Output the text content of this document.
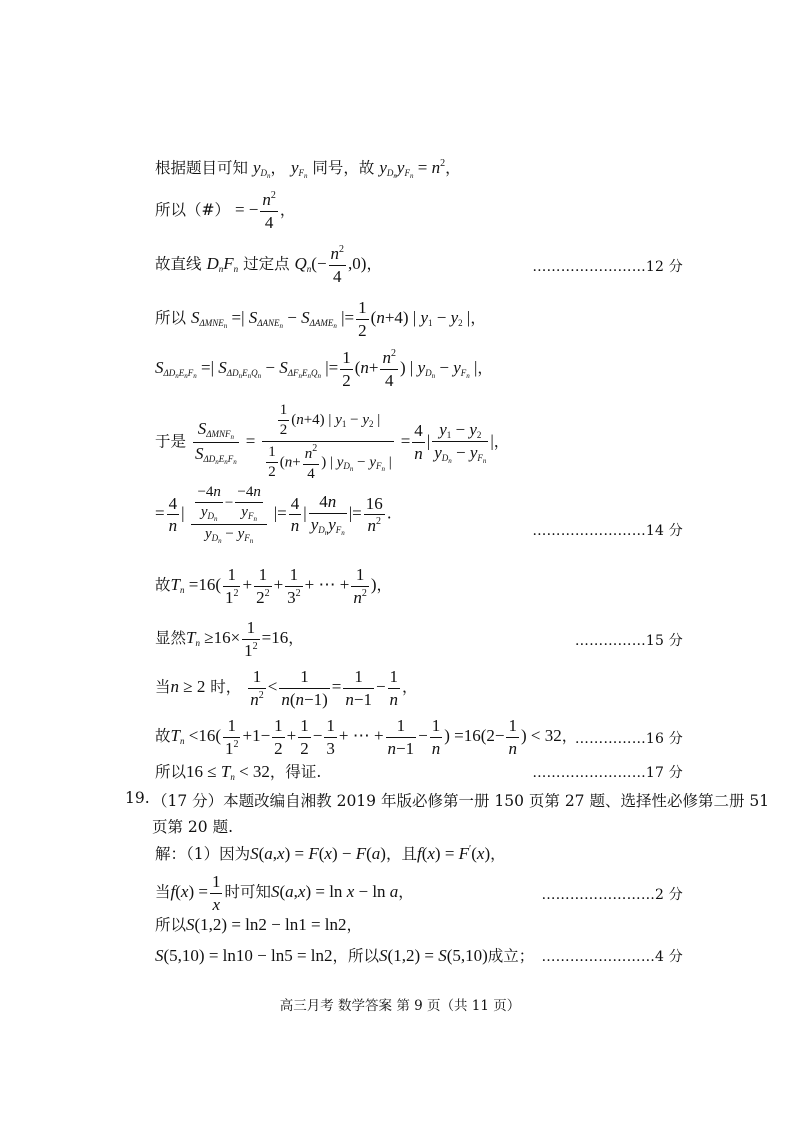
根据题目可知 $y_{D_n}$， $y_{F_n}$ 同号，故 $y_{D_n}y_{F_n} = n^2$，
所以（#） = − $\frac{n^2}{4}$ ，
故直线 $D_nF_n$ 过定点 $Q_n(- \frac{n^2}{4} ,0)$，	……………………12 分
所以 $S_{\Delta MNE_n}$ =| $S_{\Delta ANE_n} - S_{\Delta AME_n}$ |= $\frac{1}{2} (n+4)$ | $y_1 - y_2$ |，
$S_{\Delta D_nE_nF_n}$ =| $S_{\Delta D_nE_nQ_n} - S_{\Delta F_nE_nQ_n}$ |= $\frac{1}{2} (n+ \frac{n^2}{4}$ ) | $y_{D_n} - y_{F_n}$ |，
于是
$S_{\Delta MNF_n}$
$S_{\Delta D_nE_nF_n}$
=
$\frac{1}{2} (n+4)$ | $y_1 - y_2$ |
$\frac{1}{2} (n+ \frac{n^2}{4}$ ) | $y_{D_n} - y_{F_n}$ |
= $\frac{4}{n}$ |
$y_1 - y_2$
$y_{D_n} - y_{F_n}$
|，
= $\frac{4}{n}$ |
−4n
$y_{D_n}$
−
−4n
$y_{F_n}$
$y_{D_n} - y_{F_n}$
|= $\frac{4}{n}$ |
4n
$y_{D_n}y_{F_n}$
|= $\frac{16}{n^2}$ .
……………………14 分
故$T_n =16( \frac{1}{1^2} + \frac{1}{2^2} + \frac{1}{3^2}$ + ⋯ + $\frac{1}{n^2}$ )，
显然$T_n \ge 16\times \frac{1}{1^2} =16$，	……………15 分
当n ≥ 2 时， $\frac{1}{n^2} < \frac{1}{n(n-1)} = \frac{1}{n-1} - \frac{1}{n}$ ，
故$T_n <16( \frac{1}{1^2} +1- \frac{1}{2} + \frac{1}{2} - \frac{1}{3}$ + ⋯ + $\frac{1}{n-1} - \frac{1}{n}$ ) $=16(2- \frac{1}{n}$ ) < 32，
……………16 分
所以$16 \le T_n < 32$，得证.	……………………17 分
19. （17 分）本题改编自湘教 2019 年版必修第一册 150 页第 27 题、选择性必修第二册 51
页第 20 题.
解：（1）因为S(a,x) = F(x) − F(a)，且f(x) = F′(x)，
当$f(x) = \frac{1}{x}$ 时可知S(a,x) = ln x − ln a，	……………………2 分
所以S(1,2) = ln2 − ln1 = ln2，
S(5,10) = ln10 − ln5 = ln2，所以S(1,2) = S(5,10)成立； ……………………4 分
高三月考 数学答案 第 9 页（共 11 页）
